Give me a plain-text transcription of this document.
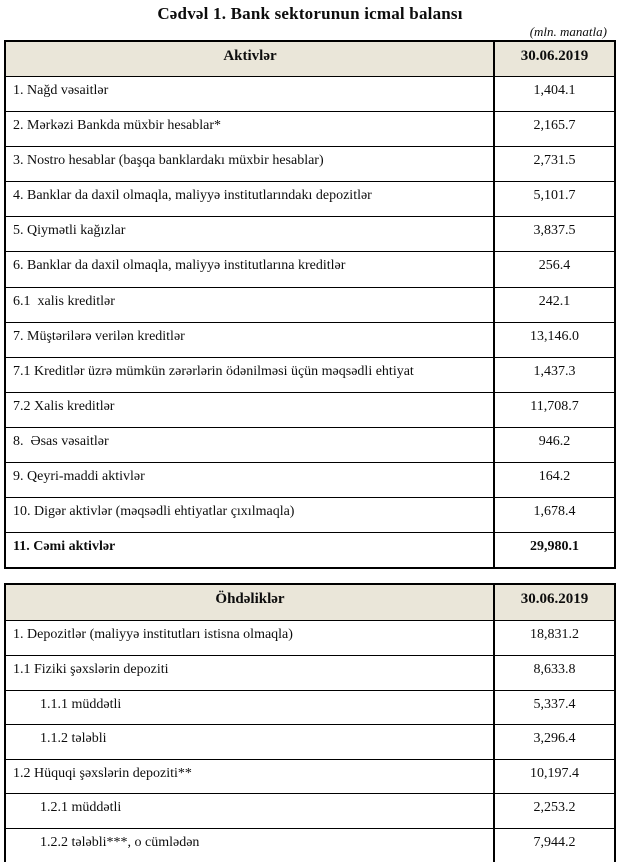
Cədvəl 1. Bank sektorunun icmal balansı
(mln. manatla)
Aktivlər	30.06.2019
1. Nağd vəsaitlər	1,404.1
2. Mərkəzi Bankda müxbir hesablar*	2,165.7
3. Nostro hesablar (başqa banklardakı müxbir hesablar)	2,731.5
4. Banklar da daxil olmaqla, maliyyə institutlarındakı depozitlər	5,101.7
5. Qiymətli kağızlar	3,837.5
6. Banklar da daxil olmaqla, maliyyə institutlarına kreditlər	256.4
6.1  xalis kreditlər	242.1
7. Müştərilərə verilən kreditlər	13,146.0
7.1 Kreditlər üzrə mümkün zərərlərin ödənilməsi üçün məqsədli ehtiyat	1,437.3
7.2 Xalis kreditlər	11,708.7
8.  Əsas vəsaitlər	946.2
9. Qeyri-maddi aktivlər	164.2
10. Digər aktivlər (məqsədli ehtiyatlar çıxılmaqla)	1,678.4
11. Cəmi aktivlər	29,980.1
Öhdəliklər	30.06.2019
1. Depozitlər (maliyyə institutları istisna olmaqla)	18,831.2
1.1 Fiziki şəxslərin depoziti	8,633.8
1.1.1 müddətli	5,337.4
1.1.2 tələbli	3,296.4
1.2 Hüquqi şəxslərin depoziti**	10,197.4
1.2.1 müddətli	2,253.2
1.2.2 tələbli***, o cümlədən	7,944.2
